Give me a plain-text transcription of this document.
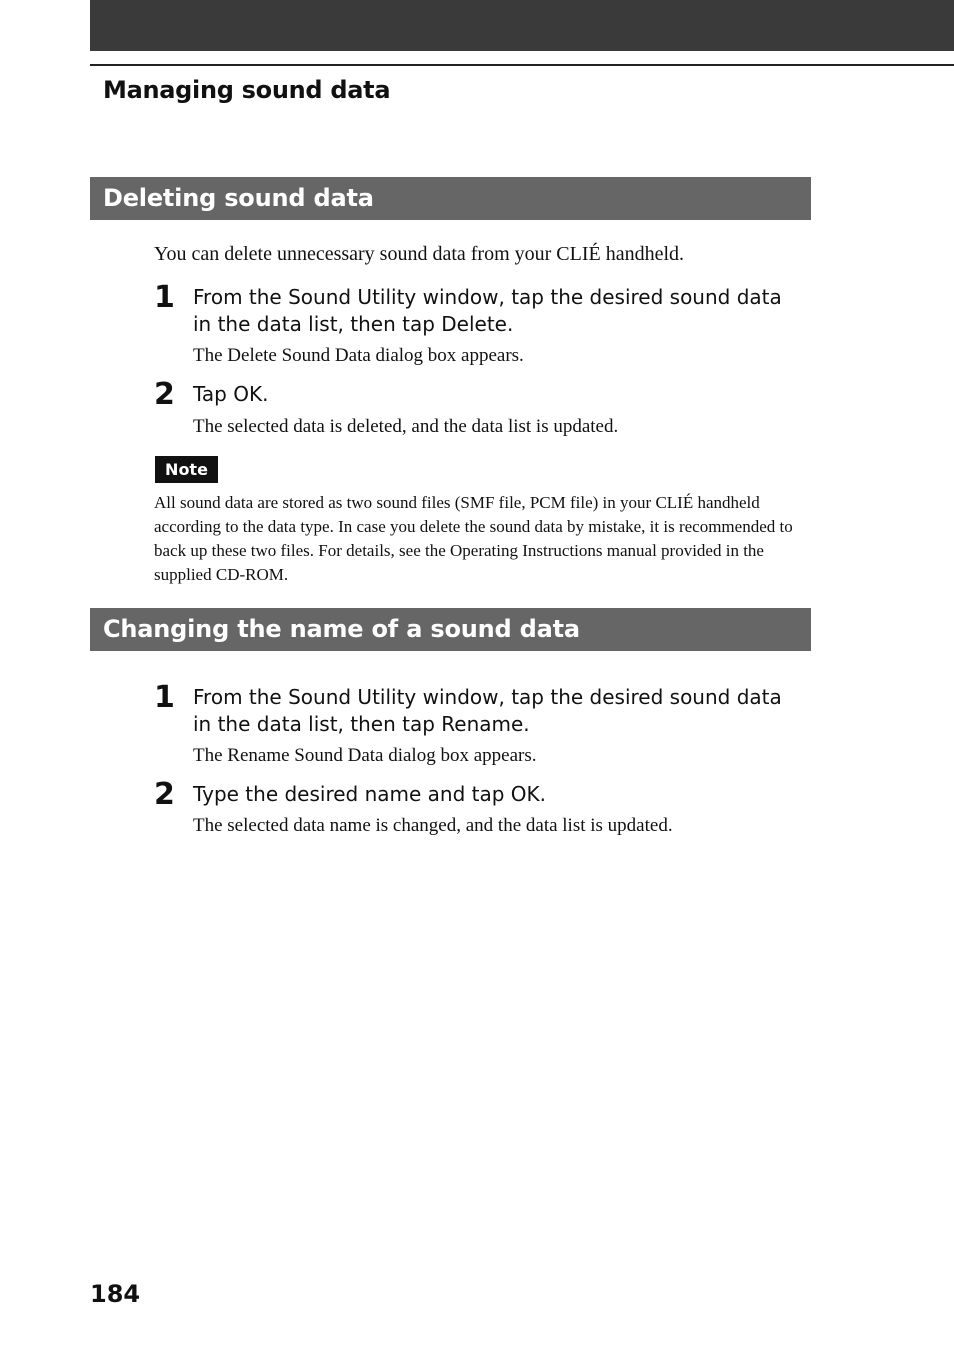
Managing sound data
Deleting sound data
You can delete unnecessary sound data from your CLIÉ handheld.
1 From the Sound Utility window, tap the desired sound data in the data list, then tap Delete.
The Delete Sound Data dialog box appears.
2 Tap OK.
The selected data is deleted, and the data list is updated.
Note
All sound data are stored as two sound files (SMF file, PCM file) in your CLIÉ handheld according to the data type. In case you delete the sound data by mistake, it is recommended to back up these two files. For details, see the Operating Instructions manual provided in the supplied CD-ROM.
Changing the name of a sound data
1 From the Sound Utility window, tap the desired sound data in the data list, then tap Rename.
The Rename Sound Data dialog box appears.
2 Type the desired name and tap OK.
The selected data name is changed, and the data list is updated.
184
